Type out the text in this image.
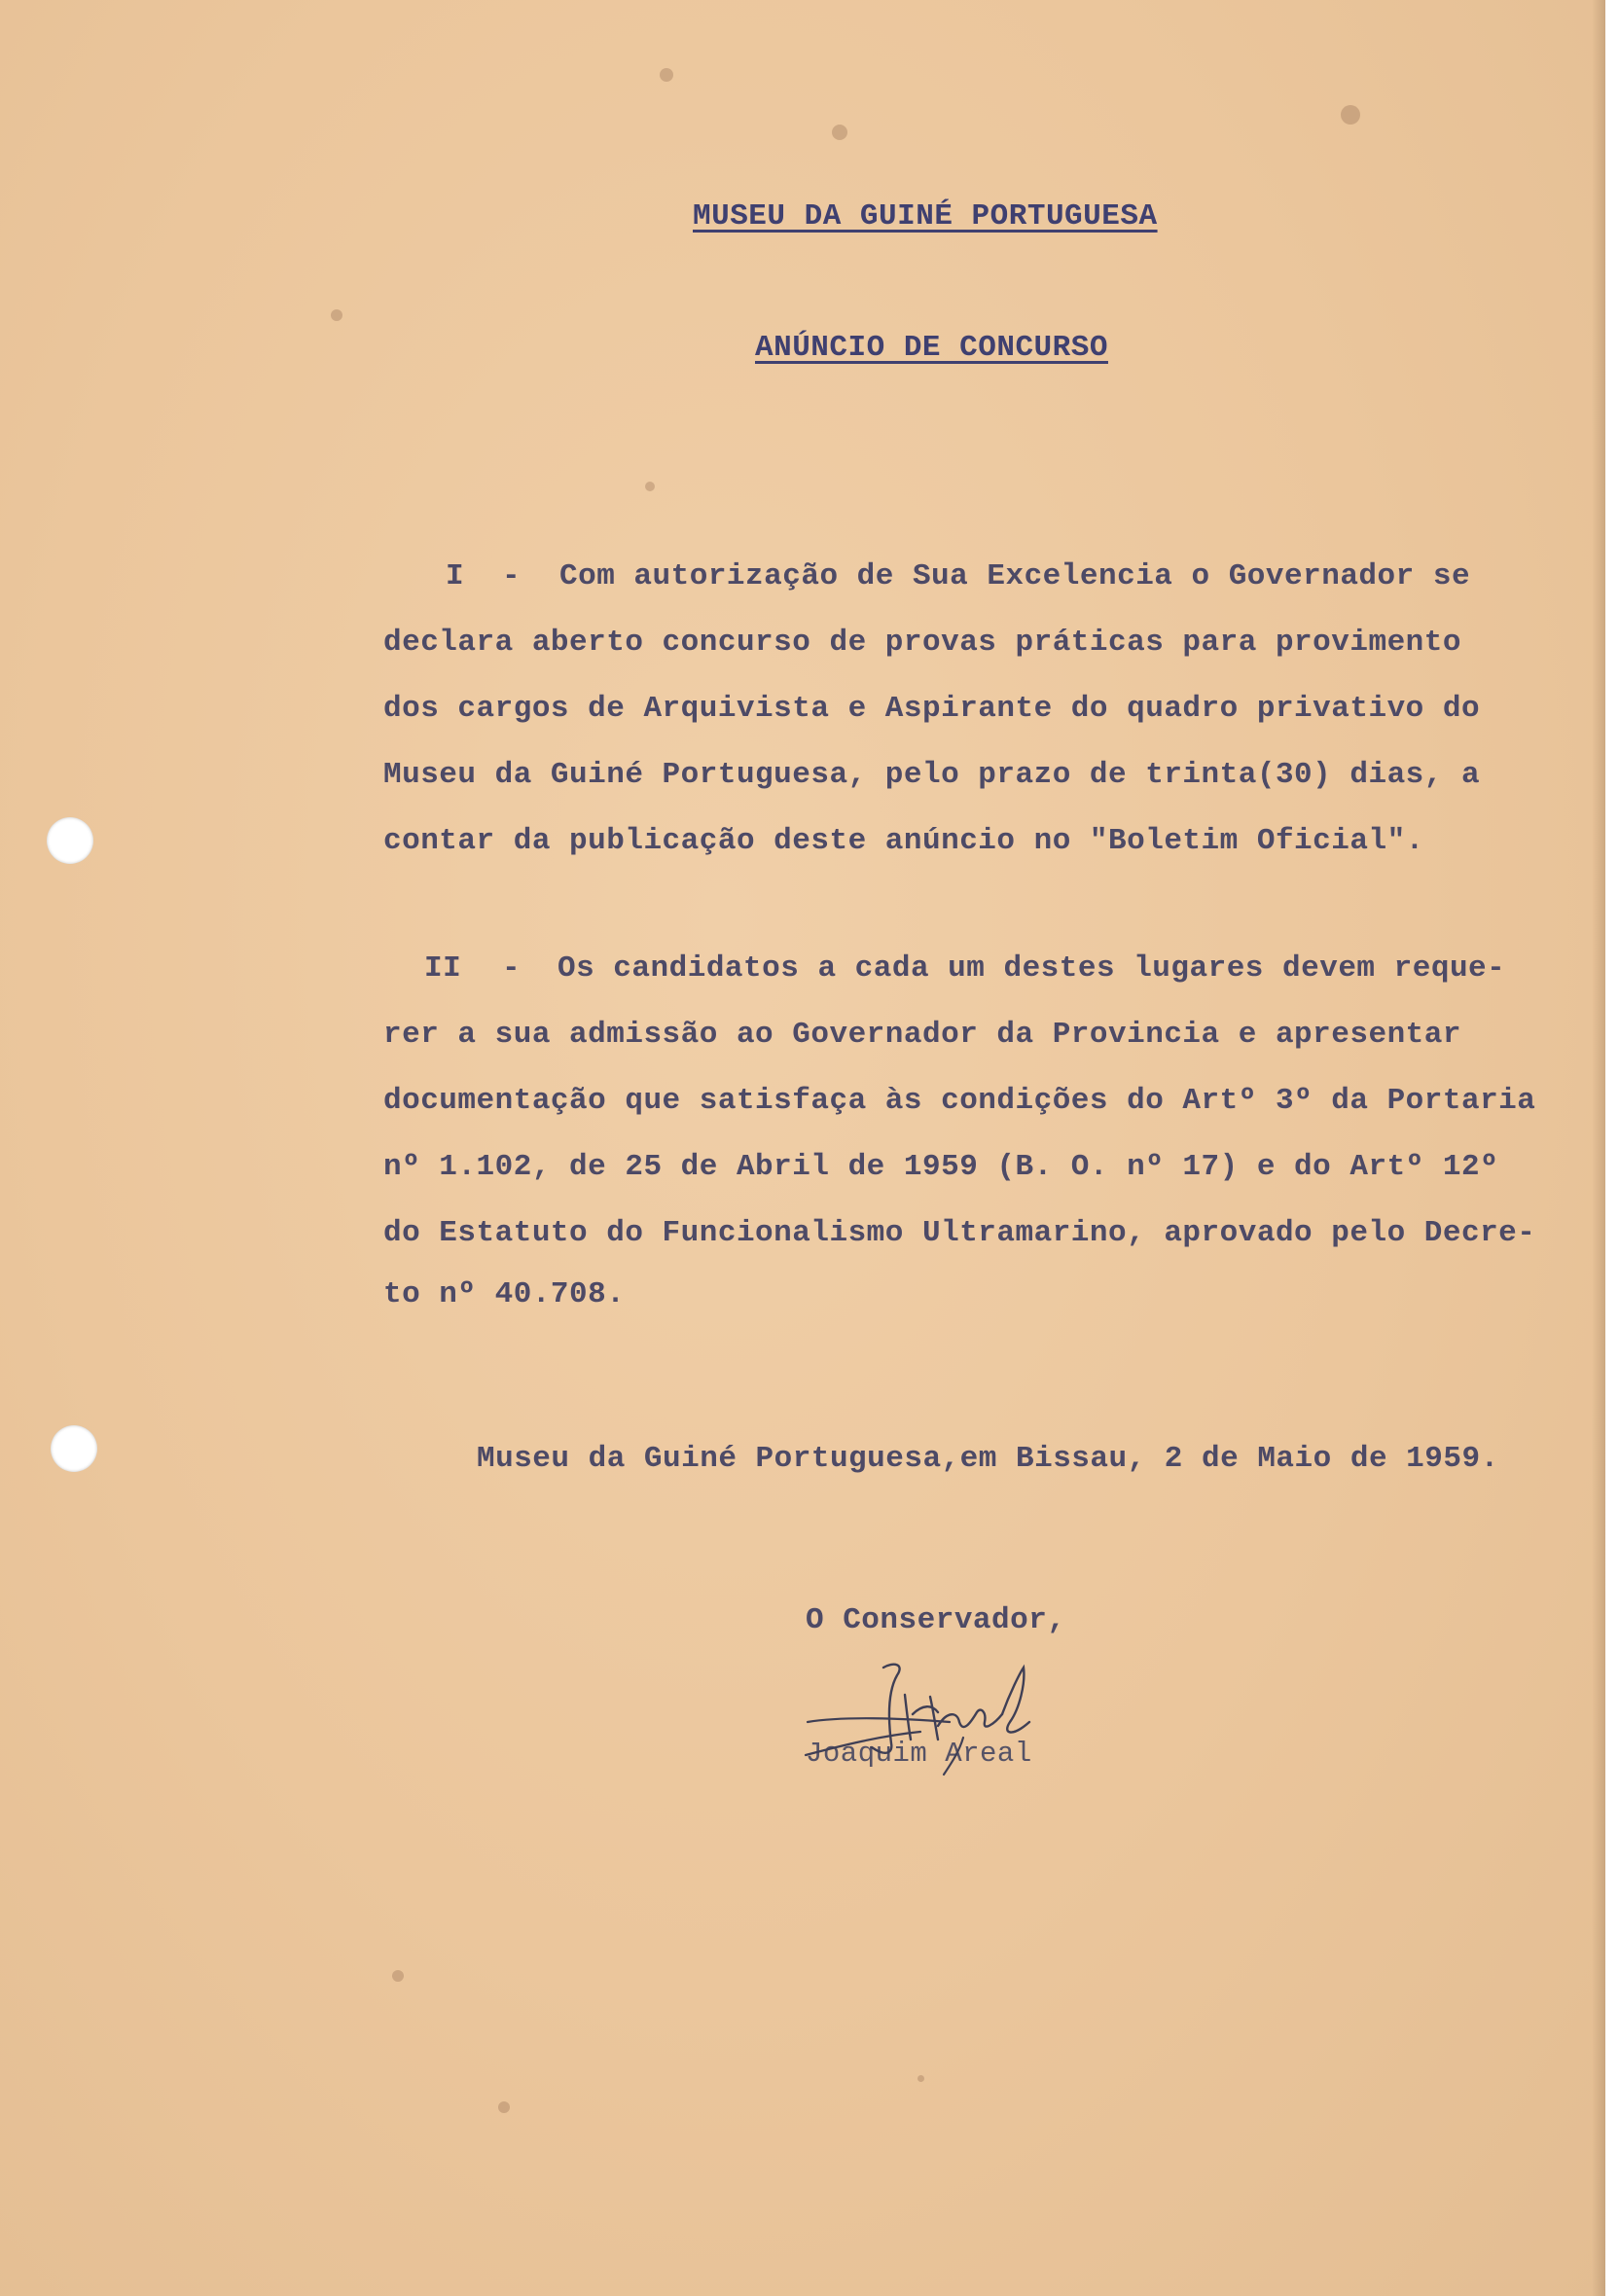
MUSEU DA GUINÉ PORTUGUESA
ANÚNCIO DE CONCURSO
I - Com autorização de Sua Excelencia o Governador se
declara aberto concurso de provas práticas para provimento
dos cargos de Arquivista e Aspirante do quadro privativo do
Museu da Guiné Portuguesa, pelo prazo de trinta(30) dias, a
contar da publicação deste anúncio no "Boletim Oficial".
II - Os candidatos a cada um destes lugares devem reque-
rer a sua admissão ao Governador da Provincia e apresentar
documentação que satisfaça às condições do Artº 3º da Portaria
nº 1.102, de 25 de Abril de 1959 (B. O. nº 17) e do Artº 12º
do Estatuto do Funcionalismo Ultramarino, aprovado pelo Decre-
to nº 40.708.
Museu da Guiné Portuguesa,em Bissau, 2 de Maio de 1959.
O Conservador,
Joaquim Areal
